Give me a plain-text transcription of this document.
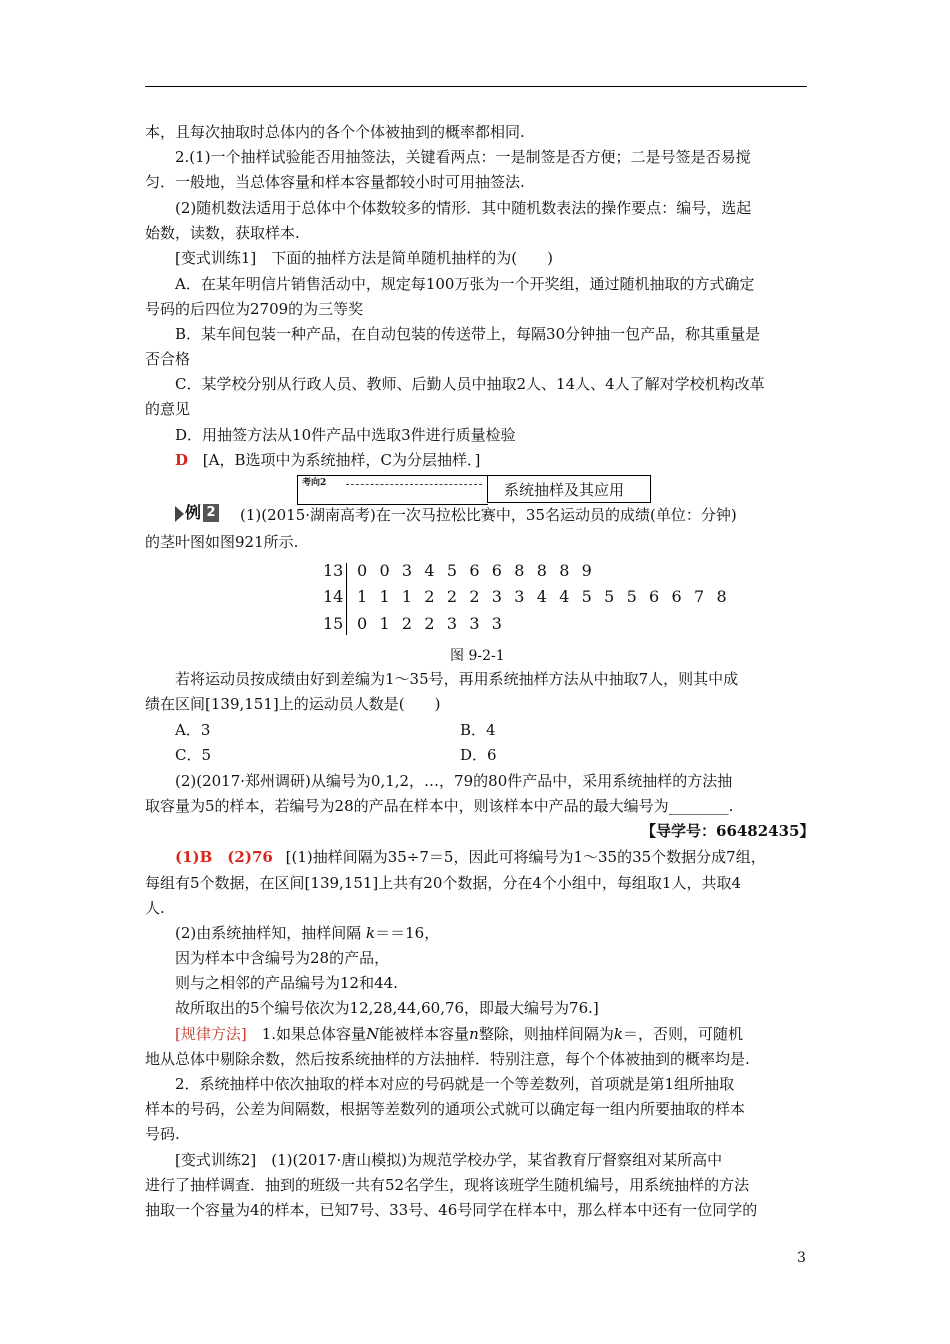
本，且每次抽取时总体内的各个个体被抽到的概率都相同.
2.(1)一个抽样试验能否用抽签法，关键看两点：一是制签是否方便；二是号签是否易搅
匀．一般地，当总体容量和样本容量都较小时可用抽签法.
(2)随机数法适用于总体中个体数较多的情形．其中随机数表法的操作要点：编号，选起
始数，读数，获取样本.
[变式训练1]　下面的抽样方法是简单随机抽样的为(　　)
A．在某年明信片销售活动中，规定每100万张为一个开奖组，通过随机抽取的方式确定
号码的后四位为2709的为三等奖
B．某车间包装一种产品，在自动包装的传送带上，每隔30分钟抽一包产品，称其重量是
否合格
C．某学校分别从行政人员、教师、后勤人员中抽取2人、14人、4人了解对学校机构改革
的意见
D．用抽签方法从10件产品中选取3件进行质量检验
D [A，B选项中为系统抽样，C为分层抽样．]
考向2	系统抽样及其应用
例 2 (1)(2015·湖南高考)在一次马拉松比赛中，35名运动员的成绩(单位：分钟)
的茎叶图如图921所示.
13 0 0 3 4 5 6 6 8 8 8 9
14 1 1 1 2 2 2 3 3 4 4 5 5 5 6 6 7 8
15 0 1 2 2 3 3 3
图 9-2-1
若将运动员按成绩由好到差编为1～35号，再用系统抽样方法从中抽取7人，则其中成
绩在区间[139,151]上的运动员人数是(　　)
A．3	B．4
C．5	D．6
(2)(2017·郑州调研)从编号为0,1,2，…，79的80件产品中，采用系统抽样的方法抽
取容量为5的样本，若编号为28的产品在样本中，则该样本中产品的最大编号为________.
【导学号：66482435】
(1)B　(2)76 [(1)抽样间隔为35÷7＝5，因此可将编号为1～35的35个数据分成7组，
每组有5个数据，在区间[139,151]上共有20个数据，分在4个小组中，每组取1人，共取4
人.
(2)由系统抽样知，抽样间隔 k＝＝16，
因为样本中含编号为28的产品，
则与之相邻的产品编号为12和44.
故所取出的5个编号依次为12,28,44,60,76，即最大编号为76.]
[规律方法]　1.如果总体容量N能被样本容量n整除，则抽样间隔为k＝，否则，可随机
地从总体中剔除余数，然后按系统抽样的方法抽样．特别注意，每个个体被抽到的概率均是.
2．系统抽样中依次抽取的样本对应的号码就是一个等差数列，首项就是第1组所抽取
样本的号码，公差为间隔数，根据等差数列的通项公式就可以确定每一组内所要抽取的样本
号码.
[变式训练2]　(1)(2017·唐山模拟)为规范学校办学，某省教育厅督察组对某所高中
进行了抽样调查．抽到的班级一共有52名学生，现将该班学生随机编号，用系统抽样的方法
抽取一个容量为4的样本，已知7号、33号、46号同学在样本中，那么样本中还有一位同学的
3
